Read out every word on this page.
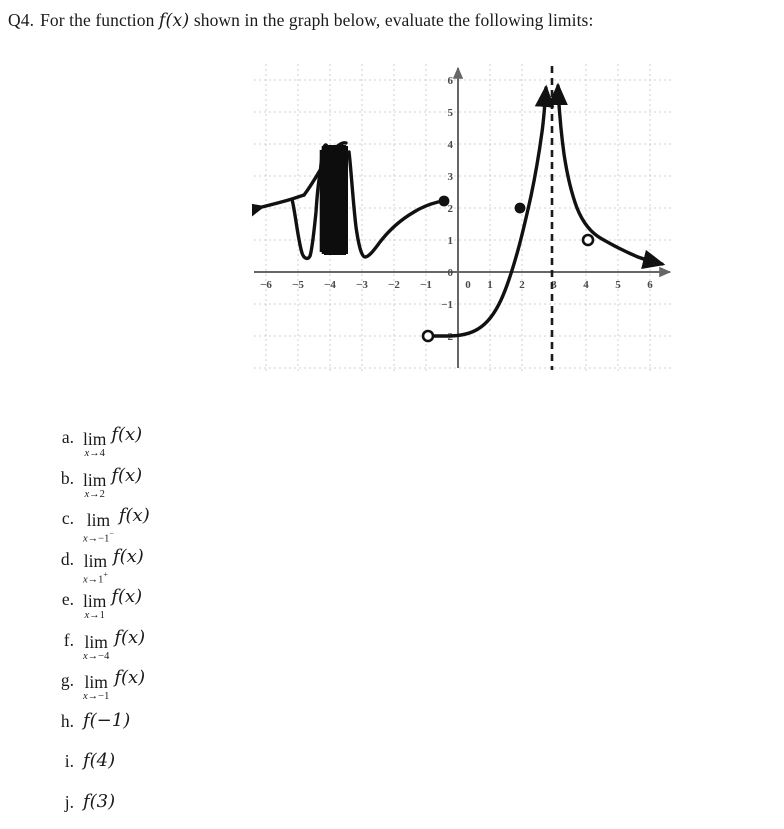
Q4. For the function f(x) shown in the graph below, evaluate the following limits:
−6 −5 −4 −3 −2 −1	0 1 2 3 4 5 6
−2
−1
0
1
2
3
4
5
6
a. lim
x→4
f(x)
b. lim
x→2
f(x)
c. lim
x→−1−
f(x)
d. lim
x→1+
f(x)
e. lim
x→1
f(x)
f. lim
x→−4
f(x)
g. lim
x→−1
f(x)
h. f(−1)
i. f(4)
j. f(3)
